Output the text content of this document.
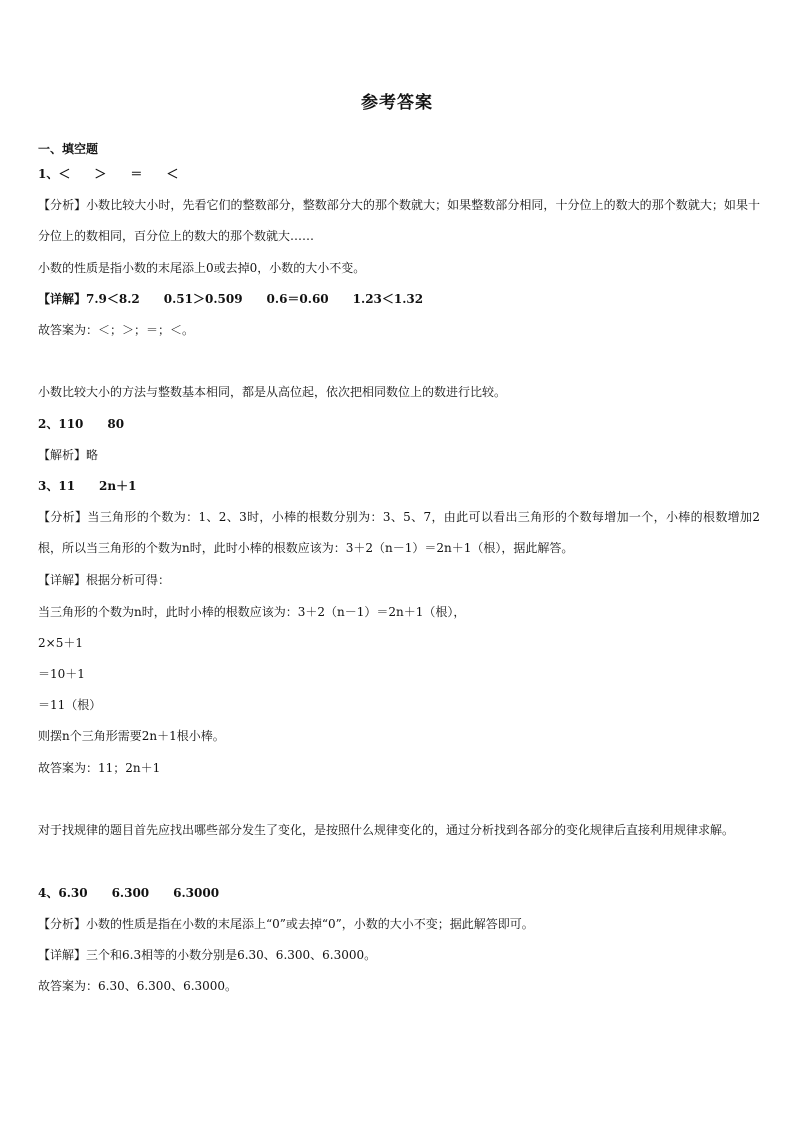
参考答案
一、填空题
1、＜　　＞　　＝　　＜
【分析】小数比较大小时，先看它们的整数部分，整数部分大的那个数就大；如果整数部分相同，十分位上的数大的那个数就大；如果十分位上的数相同，百分位上的数大的那个数就大……
小数的性质是指小数的末尾添上0或去掉0，小数的大小不变。
【详解】7.9＜8.2　　0.51＞0.509　　0.6＝0.60　　1.23＜1.32
故答案为：＜；＞；＝；＜。
小数比较大小的方法与整数基本相同，都是从高位起，依次把相同数位上的数进行比较。
2、110　　80
【解析】略
3、11　　2n＋1
【分析】当三角形的个数为：1、2、3时，小棒的根数分别为：3、5、7，由此可以看出三角形的个数每增加一个，小棒的根数增加2根，所以当三角形的个数为n时，此时小棒的根数应该为：3＋2（n－1）＝2n＋1（根），据此解答。
【详解】根据分析可得：
当三角形的个数为n时，此时小棒的根数应该为：3＋2（n－1）＝2n＋1（根），
2×5＋1
＝10＋1
＝11（根）
则摆n个三角形需要2n＋1根小棒。
故答案为：11；2n＋1
对于找规律的题目首先应找出哪些部分发生了变化，是按照什么规律变化的，通过分析找到各部分的变化规律后直接利用规律求解。
4、6.30　　6.300　　6.3000
【分析】小数的性质是指在小数的末尾添上“0”或去掉“0”，小数的大小不变；据此解答即可。
【详解】三个和6.3相等的小数分别是6.30、6.300、6.3000。
故答案为：6.30、6.300、6.3000。
